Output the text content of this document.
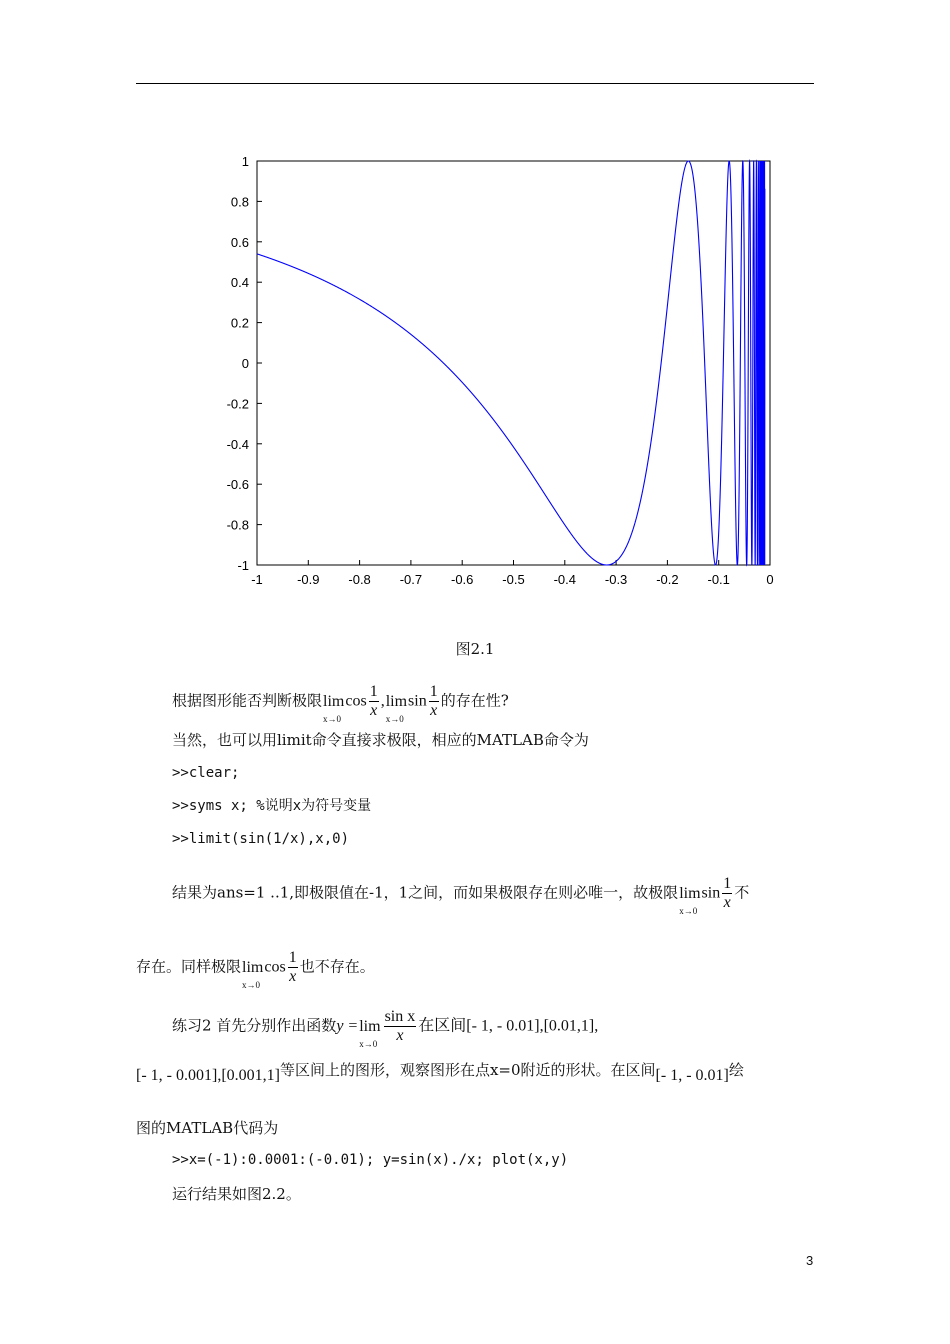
1
0.8
0.6
0.4
0.2
0
-0.2
-0.4
-0.6
-0.8
-1
-1	-0.9 -0.8 -0.7 -0.6 -0.5 -0.4 -0.3 -0.2 -0.1	0
图2.1
根据图形能否判断极限lim
x→0
$\cos \frac{1}{x} ,\lim$
x→0
$\sin \frac{1}{x}$ 的存在性?
当然，也可以用limit命令直接求极限，相应的MATLAB命令为
>>clear;
>>syms x; %说明x为符号变量
>>limit(sin(1/x),x,0)
结果为ans=1 ..1,即极限值在-1，1之间，而如果极限存在则必唯一，故极限lim
x→0
$\sin \frac{1}{x}$ 不
存在。同样极限lim
x→0
$\cos \frac{1}{x}$ 也不存在。
练习2 首先分别作出函数y =lim
$x\to 0 \frac{\text{sin x}}{x}$ 在区间[- 1, - 0.01],[0.01,1],
[- 1, - 0.001],[0.001,1]等区间上的图形，观察图形在点x=0附近的形状。在区间[- 1, - 0.01]绘
图的MATLAB代码为
>>x=(-1):0.0001:(-0.01); y=sin(x)./x; plot(x,y)
运行结果如图2.2。
3
